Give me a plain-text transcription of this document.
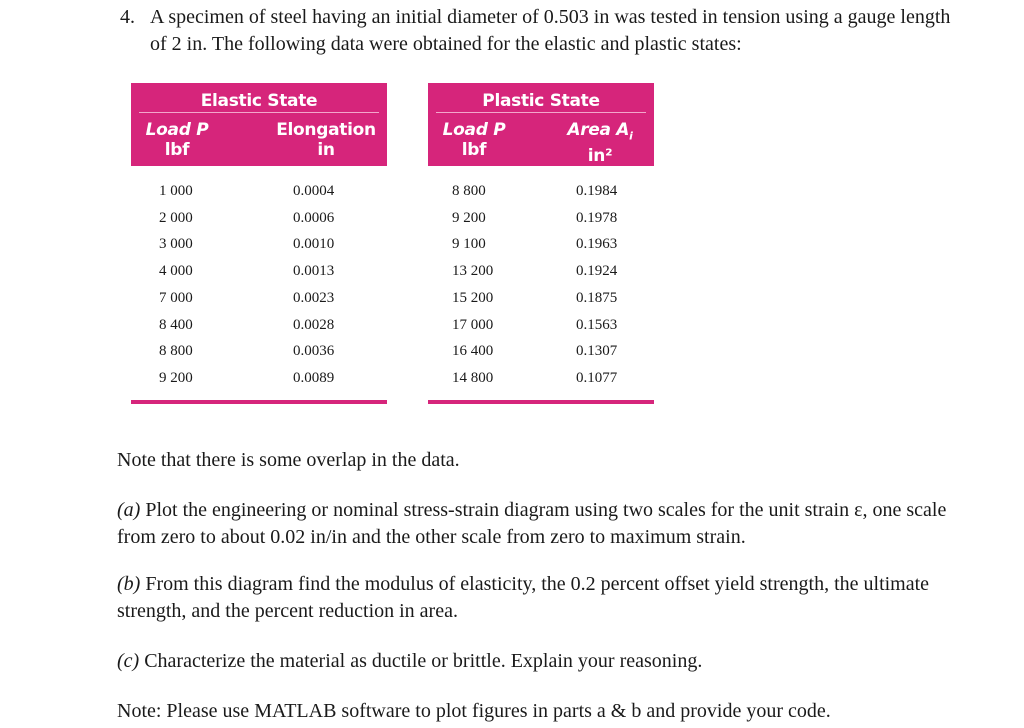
4. A specimen of steel having an initial diameter of 0.503 in was tested in tension using a gauge length of 2 in. The following data were obtained for the elastic and plastic states:
Elastic State
Load P
lbf
Elongation
in
1 000	0.0004
2 000	0.0006
3 000	0.0010
4 000	0.0013
7 000	0.0023
8 400	0.0028
8 800	0.0036
9 200	0.0089
Plastic State
Load P
lbf
Area $A_i$
in²
8 800	0.1984
9 200	0.1978
9 100	0.1963
13 200	0.1924
15 200	0.1875
17 000	0.1563
16 400	0.1307
14 800	0.1077
Note that there is some overlap in the data.
(a) Plot the engineering or nominal stress-strain diagram using two scales for the unit strain ε, one scale from zero to about 0.02 in/in and the other scale from zero to maximum strain.
(b) From this diagram find the modulus of elasticity, the 0.2 percent offset yield strength, the ultimate strength, and the percent reduction in area.
(c) Characterize the material as ductile or brittle. Explain your reasoning.
Note: Please use MATLAB software to plot figures in parts a & b and provide your code.
